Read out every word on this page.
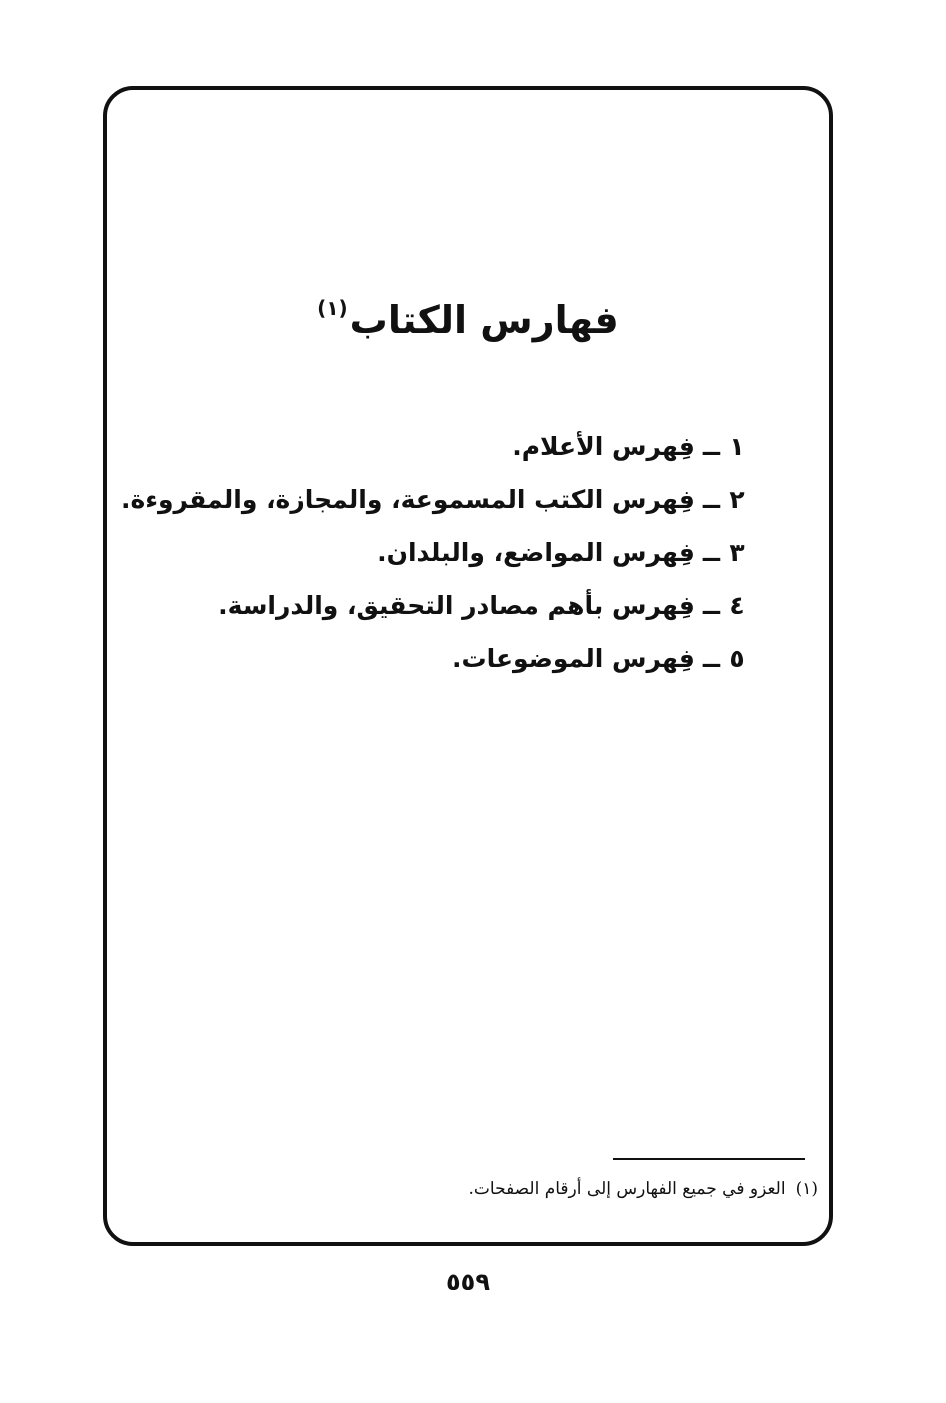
فهارس الكتاب$^{(١)}$
١ــفِهرس الأعلام.
٢ــفِهرس الكتب المسموعة، والمجازة، والمقروءة.
٣ــفِهرس المواضع، والبلدان.
٤ــفِهرس بأهم مصادر التحقيق، والدراسة.
٥ــفِهرس الموضوعات.
(١)العزو في جميع الفهارس إلى أرقام الصفحات.
٥٥٩
